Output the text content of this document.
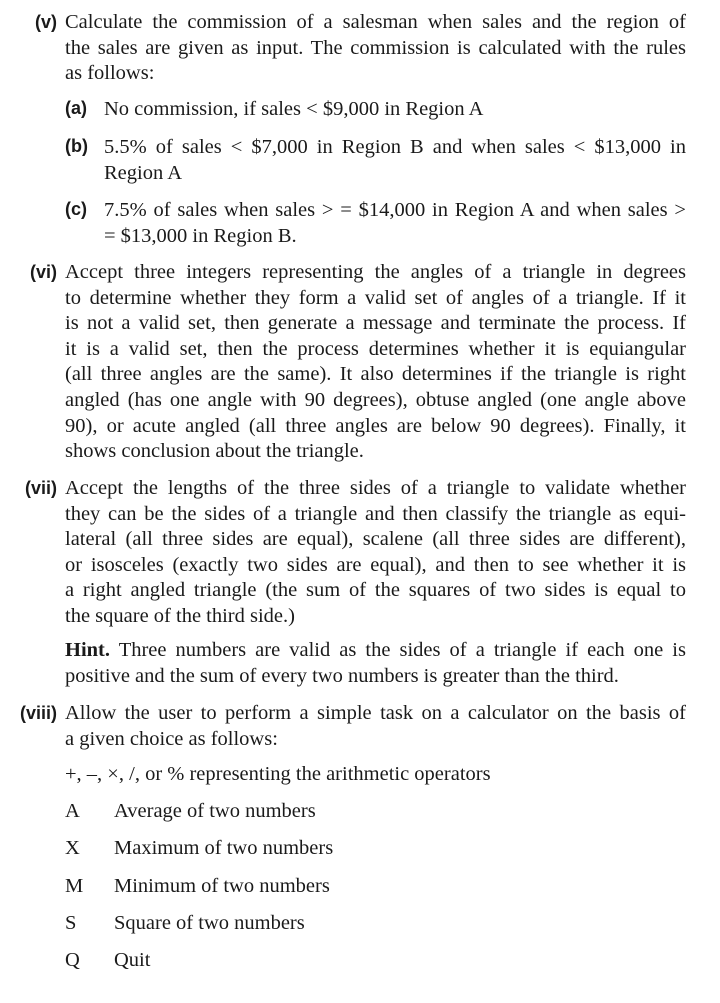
(v) Calculate the commission of a salesman when sales and the region of
the sales are given as input. The commission is calculated with the rules
as follows:
(a) No commission, if sales < $9,000 in Region A
(b) 5.5% of sales < $7,000 in Region B and when sales < $13,000 in
Region A
(c) 7.5% of sales when sales > = $14,000 in Region A and when sales >
= $13,000 in Region B.
(vi) Accept three integers representing the angles of a triangle in degrees
to determine whether they form a valid set of angles of a triangle. If it
is not a valid set, then generate a message and terminate the process. If
it is a valid set, then the process determines whether it is equiangular
(all three angles are the same). It also determines if the triangle is right
angled (has one angle with 90 degrees), obtuse angled (one angle above
90), or acute angled (all three angles are below 90 degrees). Finally, it
shows conclusion about the triangle.
(vii) Accept the lengths of the three sides of a triangle to validate whether
they can be the sides of a triangle and then classify the triangle as equi-
lateral (all three sides are equal), scalene (all three sides are different),
or isosceles (exactly two sides are equal), and then to see whether it is
a right angled triangle (the sum of the squares of two sides is equal to
the square of the third side.)
Hint. Three numbers are valid as the sides of a triangle if each one is
positive and the sum of every two numbers is greater than the third.
(viii) Allow the user to perform a simple task on a calculator on the basis of
a given choice as follows:
+, –, ×, /, or % representing the arithmetic operators
A	Average of two numbers
X	Maximum of two numbers
M	Minimum of two numbers
S	Square of two numbers
Q	Quit
